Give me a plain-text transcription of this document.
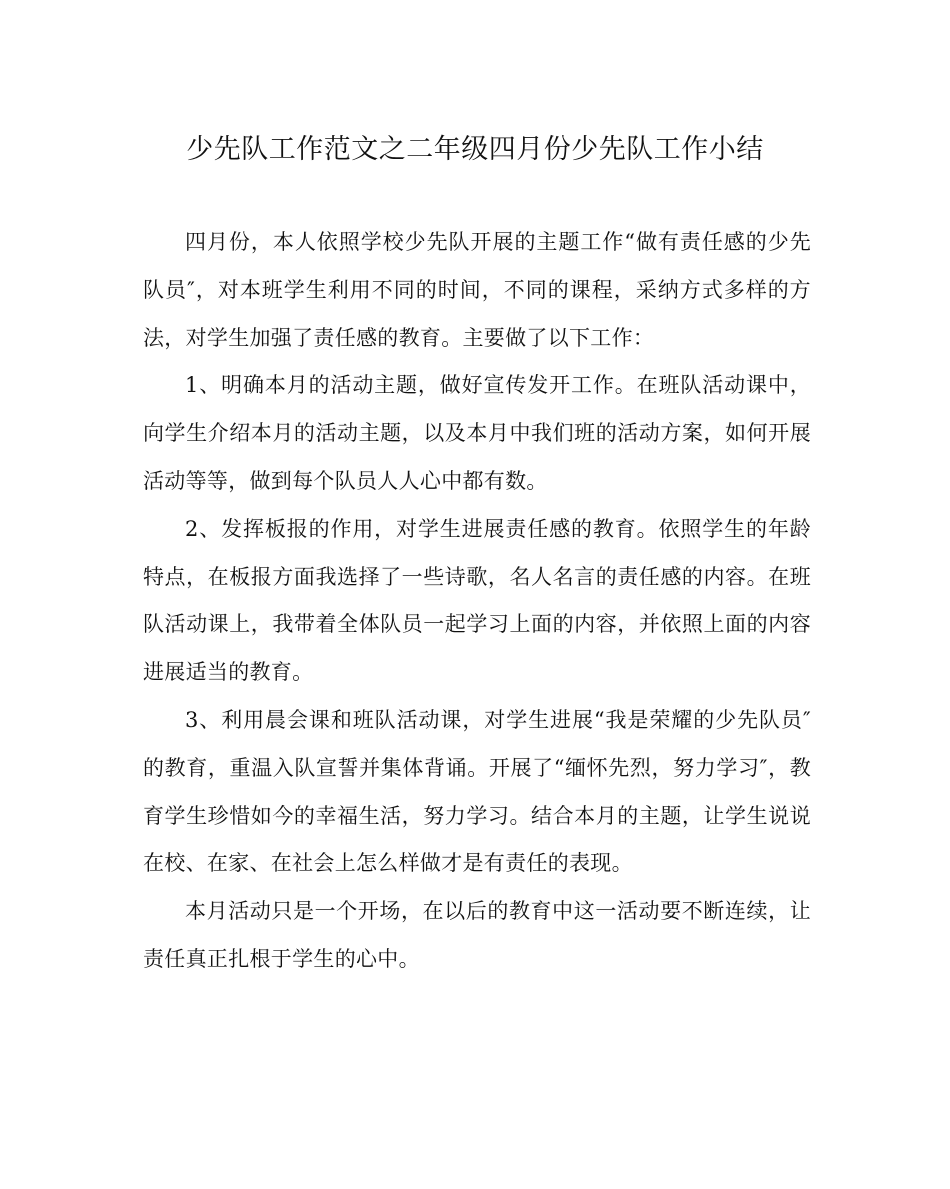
少先队工作范文之二年级四月份少先队工作小结

四月份，本人依照学校少先队开展的主题工作“做有责任感的少先队员″，对本班学生利用不同的时间，不同的课程，采纳方式多样的方法，对学生加强了责任感的教育。主要做了以下工作：

1、明确本月的活动主题，做好宣传发开工作。在班队活动课中，向学生介绍本月的活动主题，以及本月中我们班的活动方案，如何开展活动等等，做到每个队员人人心中都有数。

2、发挥板报的作用，对学生进展责任感的教育。依照学生的年龄特点，在板报方面我选择了一些诗歌，名人名言的责任感的内容。在班队活动课上，我带着全体队员一起学习上面的内容，并依照上面的内容进展适当的教育。

3、利用晨会课和班队活动课，对学生进展“我是荣耀的少先队员″的教育，重温入队宣誓并集体背诵。开展了“缅怀先烈，努力学习″，教育学生珍惜如今的幸福生活，努力学习。结合本月的主题，让学生说说在校、在家、在社会上怎么样做才是有责任的表现。

本月活动只是一个开场，在以后的教育中这一活动要不断连续，让责任真正扎根于学生的心中。
